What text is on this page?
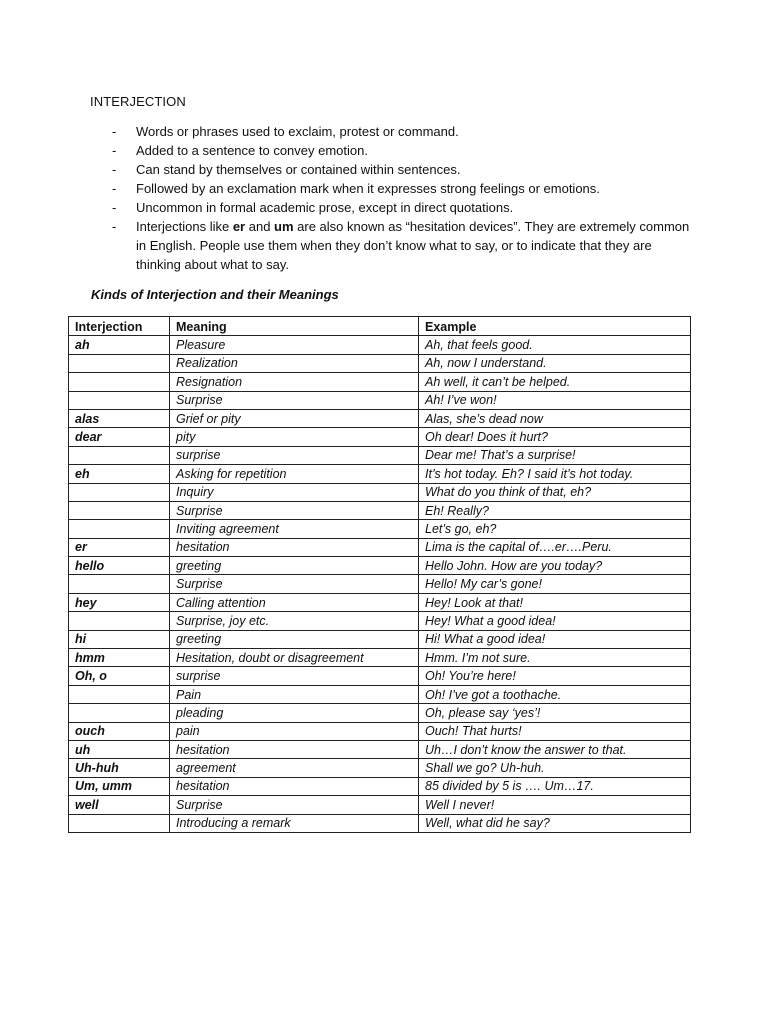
INTERJECTION
- Words or phrases used to exclaim, protest or command.
- Added to a sentence to convey emotion.
- Can stand by themselves or contained within sentences.
- Followed by an exclamation mark when it expresses strong feelings or emotions.
- Uncommon in formal academic prose, except in direct quotations.
- Interjections like er and um are also known as “hesitation devices”. They are extremely common in English. People use them when they don’t know what to say, or to indicate that they are thinking about what to say.
Kinds of Interjection and their Meanings
Interjection	Meaning	Example
ah	Pleasure	Ah, that feels good.
	Realization	Ah, now I understand.
	Resignation	Ah well, it can’t be helped.
	Surprise	Ah! I’ve won!
alas	Grief or pity	Alas, she’s dead now
dear	pity	Oh dear! Does it hurt?
	surprise	Dear me! That’s a surprise!
eh	Asking for repetition	It’s hot today. Eh? I said it’s hot today.
	Inquiry	What do you think of that, eh?
	Surprise	Eh! Really?
	Inviting agreement	Let’s go, eh?
er	hesitation	Lima is the capital of….er….Peru.
hello	greeting	Hello John. How are you today?
	Surprise	Hello! My car’s gone!
hey	Calling attention	Hey! Look at that!
	Surprise, joy etc.	Hey! What a good idea!
hi	greeting	Hi! What a good idea!
hmm	Hesitation, doubt or disagreement	Hmm. I’m not sure.
Oh, o	surprise	Oh! You’re here!
	Pain	Oh! I’ve got a toothache.
	pleading	Oh, please say ‘yes’!
ouch	pain	Ouch! That hurts!
uh	hesitation	Uh…I don’t know the answer to that.
Uh-huh	agreement	Shall we go? Uh-huh.
Um, umm	hesitation	85 divided by 5 is …. Um…17.
well	Surprise	Well I never!
	Introducing a remark	Well, what did he say?
